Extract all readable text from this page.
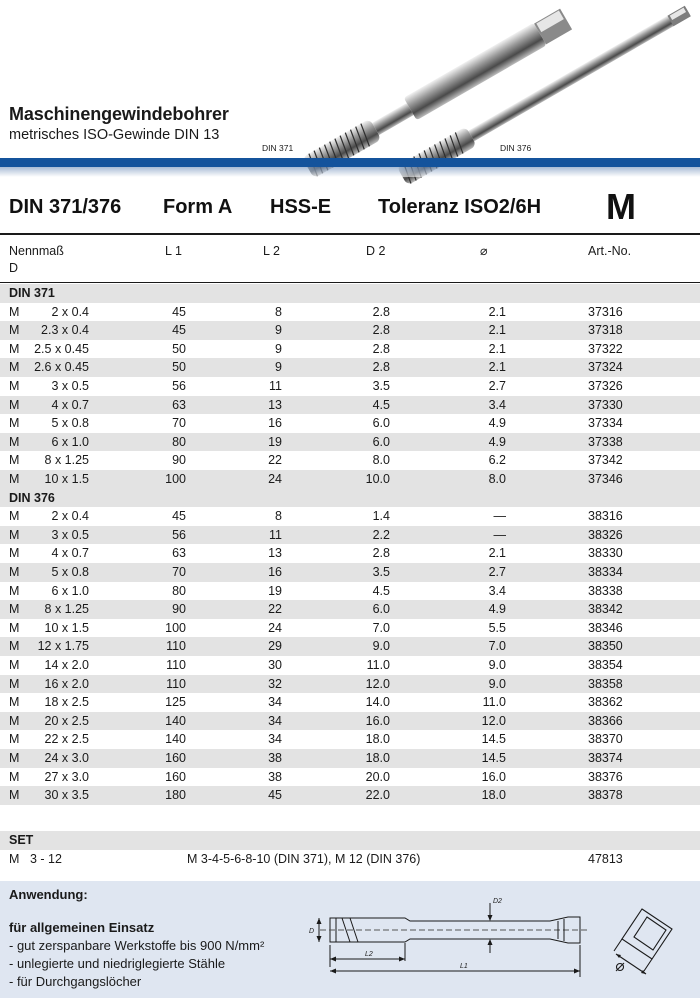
Maschinengewindebohrer
metrisches ISO-Gewinde DIN 13
DIN 371	DIN 376
DIN 371/376 Form A HSS-E Toleranz ISO2/6H M
Nennmaß
D
L 1	L 2	D 2	⌀	Art.-No.
DIN 371
M	2 x 0.4	45	8	2.8	2.1	37316
M	2.3 x 0.4	45	9	2.8	2.1	37318
M	2.5 x 0.45	50	9	2.8	2.1	37322
M	2.6 x 0.45	50	9	2.8	2.1	37324
M	3 x 0.5	56	11	3.5	2.7	37326
M	4 x 0.7	63	13	4.5	3.4	37330
M	5 x 0.8	70	16	6.0	4.9	37334
M	6 x 1.0	80	19	6.0	4.9	37338
M	8 x 1.25	90	22	8.0	6.2	37342
M	10 x 1.5	100	24	10.0	8.0	37346
DIN 376
M	2 x 0.4	45	8	1.4	—	38316
M	3 x 0.5	56	11	2.2	—	38326
M	4 x 0.7	63	13	2.8	2.1	38330
M	5 x 0.8	70	16	3.5	2.7	38334
M	6 x 1.0	80	19	4.5	3.4	38338
M	8 x 1.25	90	22	6.0	4.9	38342
M	10 x 1.5	100	24	7.0	5.5	38346
M	12 x 1.75	110	29	9.0	7.0	38350
M	14 x 2.0	110	30	11.0	9.0	38354
M	16 x 2.0	110	32	12.0	9.0	38358
M	18 x 2.5	125	34	14.0	11.0	38362
M	20 x 2.5	140	34	16.0	12.0	38366
M	22 x 2.5	140	34	18.0	14.5	38370
M	24 x 3.0	160	38	18.0	14.5	38374
M	27 x 3.0	160	38	20.0	16.0	38376
M	30 x 3.5	180	45	22.0	18.0	38378
SET
M 3 - 12	M 3-4-5-6-8-10 (DIN 371), M 12 (DIN 376)	47813
Anwendung:
für allgemeinen Einsatz
- gut zerspanbare Werkstoffe bis 900 N/mm²
- unlegierte und niedriglegierte Stähle
- für Durchgangslöcher
D
D2
L2
L1
